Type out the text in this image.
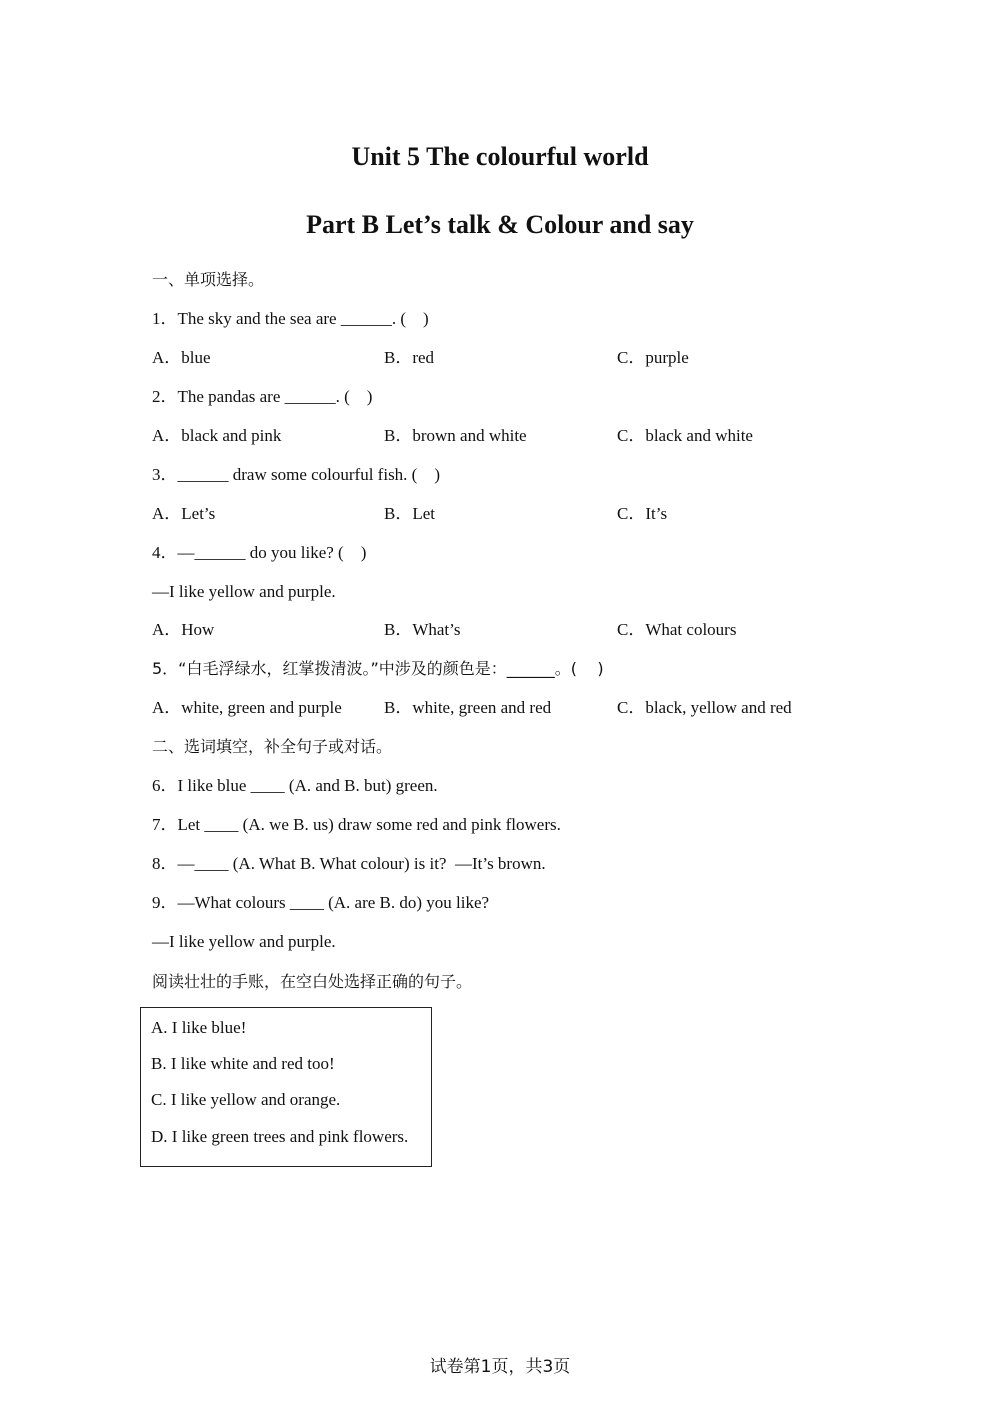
Unit 5 The colourful world
Part B Let’s talk & Colour and say
一、单项选择。
1．The sky and the sea are ______. (    )
A．blue	B．red	C．purple
2．The pandas are ______. (    )
A．black and pink	B．brown and white	C．black and white
3．______ draw some colourful fish. (    )
A．Let’s	B．Let	C．It’s
4．—______ do you like? (    )
—I like yellow and purple.
A．How	B．What’s	C．What colours
5．“白毛浮绿水，红掌拨清波。”中涉及的颜色是：______。(    )
A．white, green and purple B．white, green and red	C．black, yellow and red
二、选词填空，补全句子或对话。
6．I like blue ____ (A. and B. but) green.
7．Let ____ (A. we B. us) draw some red and pink flowers.
8．—____ (A. What B. What colour) is it?  —It’s brown.
9．—What colours ____ (A. are B. do) you like?
—I like yellow and purple.
阅读壮壮的手账，在空白处选择正确的句子。
A. I like blue!
B. I like white and red too!
C. I like yellow and orange.
D. I like green trees and pink flowers.
试卷第1页，共3页
